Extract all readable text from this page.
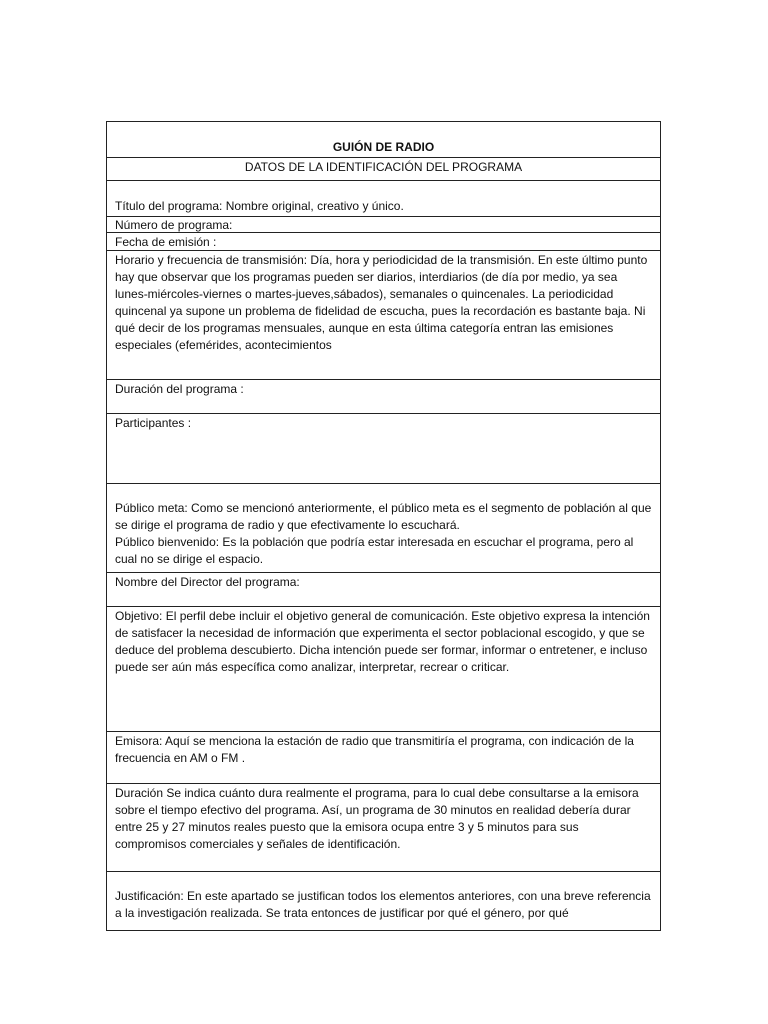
GUIÓN DE RADIO
DATOS DE LA IDENTIFICACIÓN DEL PROGRAMA
Título del programa: Nombre original, creativo y único.
Número de programa:
Fecha de emisión :
Horario y frecuencia de transmisión: Día, hora y periodicidad de la transmisión. En este último punto hay que observar que los programas pueden ser diarios, interdiarios (de día por medio, ya sea lunes-miércoles-viernes o martes-jueves,sábados), semanales o quincenales. La periodicidad quincenal ya supone un problema de fidelidad de escucha, pues la recordación es bastante baja. Ni qué decir de los programas mensuales, aunque en esta última categoría entran las emisiones especiales (efemérides, acontecimientos
Duración del programa :
Participantes :

Público meta: Como se mencionó anteriormente, el público meta es el segmento de población al que se dirige el programa de radio y que efectivamente lo escuchará.

Público bienvenido: Es la población que podría estar interesada en escuchar el programa, pero al cual no se dirige el espacio.

Nombre del Director del programa:
Objetivo: El perfil debe incluir el objetivo general de comunicación. Este objetivo expresa la intención de satisfacer la necesidad de información que experimenta el sector poblacional escogido, y que se deduce del problema descubierto. Dicha intención puede ser formar, informar o entretener, e incluso puede ser aún más específica como analizar, interpretar, recrear o criticar.
Emisora: Aquí se menciona la estación de radio que transmitiría el programa, con indicación de la frecuencia en AM o FM .
Duración Se indica cuánto dura realmente el programa, para lo cual debe consultarse a la emisora sobre el tiempo efectivo del programa. Así, un programa de 30 minutos en realidad debería durar entre 25 y 27 minutos reales puesto que la emisora ocupa entre 3 y 5 minutos para sus compromisos comerciales y señales de identificación.
Justificación: En este apartado se justifican todos los elementos anteriores, con una breve referencia a la investigación realizada. Se trata entonces de justificar por qué el género, por qué
